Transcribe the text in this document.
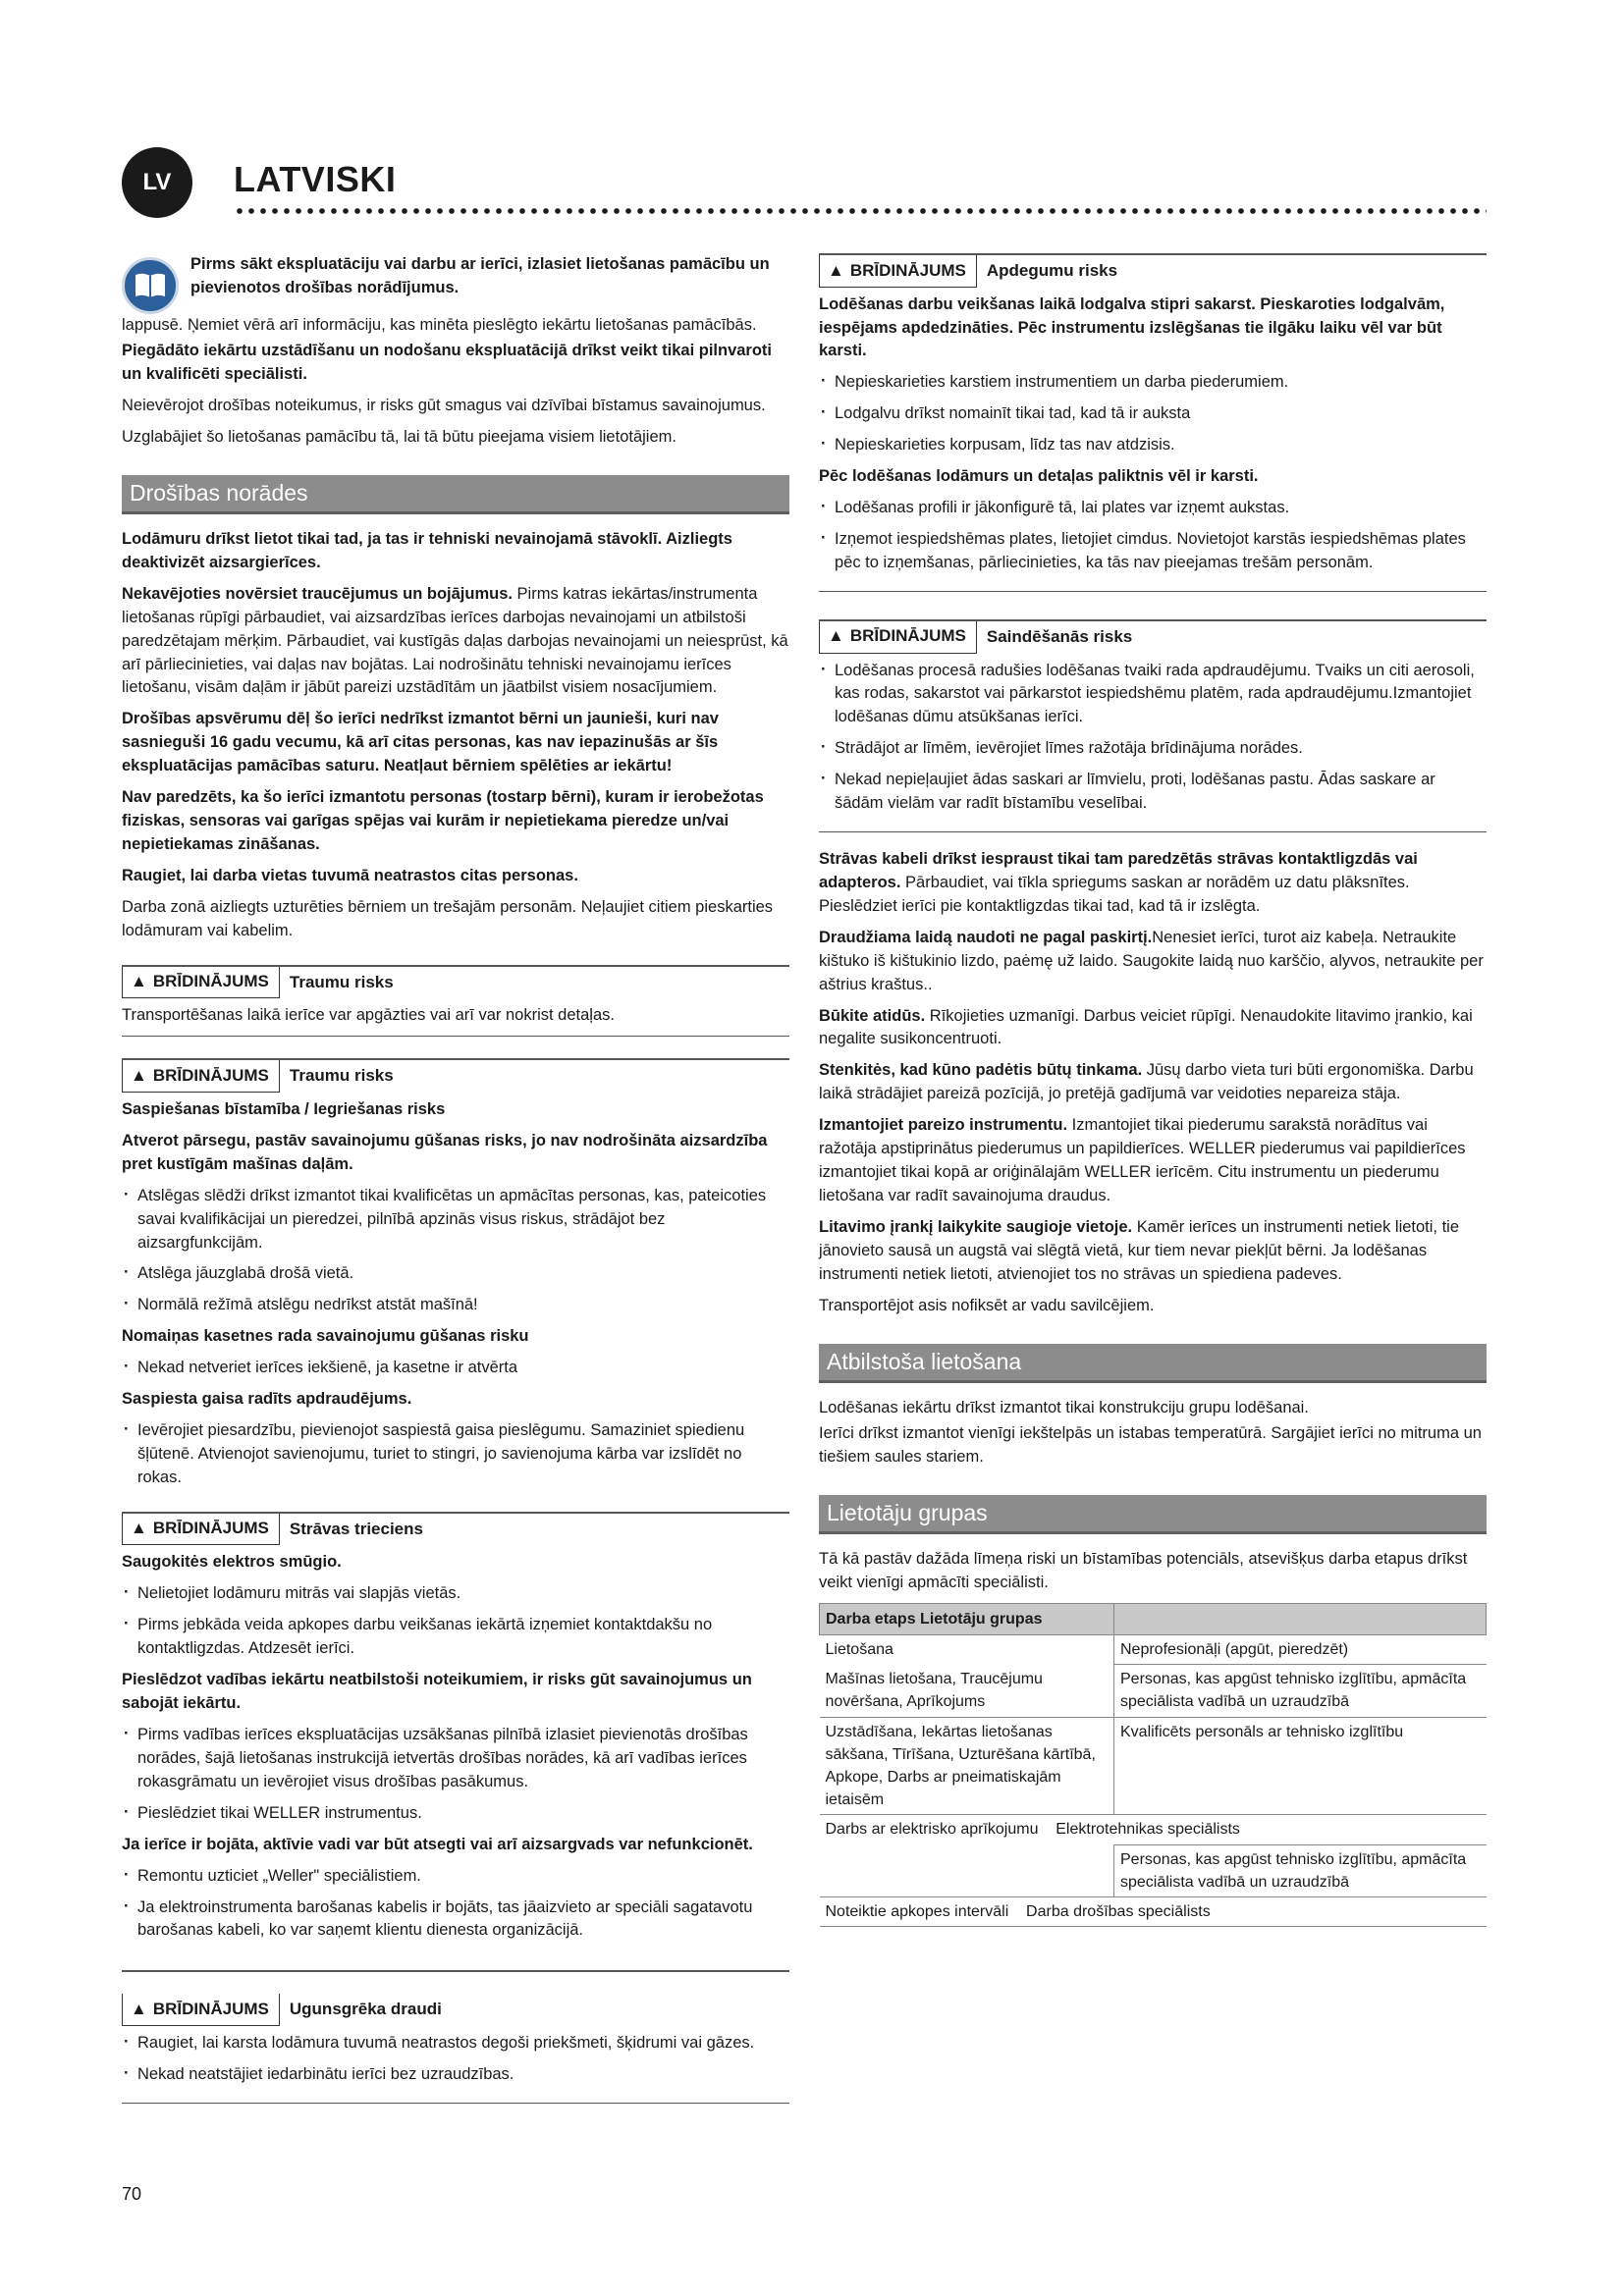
LV	LATVISKI

Pirms sākt ekspluatāciju vai darbu ar ierīci, izlasiet lietošanas pamācību un pievienotos drošības norādījumus.

lappusē. Ņemiet vērā arī informāciju, kas minēta pieslēgto iekārtu lietošanas pamācībās.

Piegādāto iekārtu uzstādīšanu un nodošanu ekspluatācijā drīkst veikt tikai pilnvaroti un kvalificēti speciālisti.

Neievērojot drošības noteikumus, ir risks gūt smagus vai dzīvībai bīstamus savainojumus.

Uzglabājiet šo lietošanas pamācību tā, lai tā būtu pieejama visiem lietotājiem.

Drošības norādes

Lodāmuru drīkst lietot tikai tad, ja tas ir tehniski nevainojamā stāvoklī. Aizliegts deaktivizēt aizsargierīces.

Nekavējoties novērsiet traucējumus un bojājumus. Pirms katras iekārtas/instrumenta lietošanas rūpīgi pārbaudiet, vai aizsardzības ierīces darbojas nevainojami un atbilstoši paredzētajam mērķim. Pārbaudiet, vai kustīgās daļas darbojas nevainojami un neiesprūst, kā arī pārliecinieties, vai daļas nav bojātas. Lai nodrošinātu tehniski nevainojamu ierīces lietošanu, visām daļām ir jābūt pareizi uzstādītām un jāatbilst visiem nosacījumiem.

Drošības apsvērumu dēļ šo ierīci nedrīkst izmantot bērni un jaunieši, kuri nav sasnieguši 16 gadu vecumu, kā arī citas personas, kas nav iepazinušās ar šīs ekspluatācijas pamācības saturu. Neatļaut bērniem spēlēties ar iekārtu!

Nav paredzēts, ka šo ierīci izmantotu personas (tostarp bērni), kuram ir ierobežotas fiziskas, sensoras vai garīgas spējas vai kurām ir nepietiekama pieredze un/vai nepietiekamas zināšanas.

Raugiet, lai darba vietas tuvumā neatrastos citas personas.

Darba zonā aizliegts uzturēties bērniem un trešajām personām. Neļaujiet citiem pieskarties lodāmuram vai kabelim.

▲ BRĪDINĀJUMS	Traumu risks
Transportēšanas laikā ierīce var apgāzties vai arī var nokrist detaļas.
▲ BRĪDINĀJUMS	Traumu risks

Saspiešanas bīstamība / Iegriešanas risks

Atverot pārsegu, pastāv savainojumu gūšanas risks, jo nav nodrošināta aizsardzība pret kustīgām mašīnas daļām.

· Atslēgas slēdži drīkst izmantot tikai kvalificētas un apmācītas personas, kas, pateicoties savai kvalifikācijai un pieredzei, pilnībā apzinās visus riskus, strādājot bez aizsargfunkcijām.
· Atslēga jāuzglabā drošā vietā.
· Normālā režīmā atslēgu nedrīkst atstāt mašīnā!

Nomaiņas kasetnes rada savainojumu gūšanas risku

· Nekad netveriet ierīces iekšienē, ja kasetne ir atvērta

Saspiesta gaisa radīts apdraudējums.

· Ievērojiet piesardzību, pievienojot saspiestā gaisa pieslēgumu. Samaziniet spiedienu šļūtenē. Atvienojot savienojumu, turiet to stingri, jo savienojuma kārba var izslīdēt no rokas.
▲ BRĪDINĀJUMS	Strāvas trieciens

Saugokitės elektros smūgio.

· Nelietojiet lodāmuru mitrās vai slapjās vietās.
· Pirms jebkāda veida apkopes darbu veikšanas iekārtā izņemiet kontaktdakšu no kontaktligzdas. Atdzesēt ierīci.

Pieslēdzot vadības iekārtu neatbilstoši noteikumiem, ir risks gūt savainojumus un sabojāt iekārtu.

· Pirms vadības ierīces ekspluatācijas uzsākšanas pilnībā izlasiet pievienotās drošības norādes, šajā lietošanas instrukcijā ietvertās drošības norādes, kā arī vadības ierīces rokasgrāmatu un ievērojiet visus drošības pasākumus.
· Pieslēdziet tikai WELLER instrumentus.

Ja ierīce ir bojāta, aktīvie vadi var būt atsegti vai arī aizsargvads var nefunkcionēt.

· Remontu uzticiet „Weller" speciālistiem.
· Ja elektroinstrumenta barošanas kabelis ir bojāts, tas jāaizvieto ar speciāli sagatavotu barošanas kabeli, ko var saņemt klientu dienesta organizācijā.
▲ BRĪDINĀJUMS	Ugunsgrēka draudi
· Raugiet, lai karsta lodāmura tuvumā neatrastos degoši priekšmeti, šķidrumi vai gāzes.
· Nekad neatstājiet iedarbinātu ierīci bez uzraudzības.
▲ BRĪDINĀJUMS	Apdegumu risks

Lodēšanas darbu veikšanas laikā lodgalva stipri sakarst. Pieskaroties lodgalvām, iespējams apdedzināties. Pēc instrumentu izslēgšanas tie ilgāku laiku vēl var būt karsti.

· Nepieskarieties karstiem instrumentiem un darba piederumiem.
· Lodgalvu drīkst nomainīt tikai tad, kad tā ir auksta
· Nepieskarieties korpusam, līdz tas nav atdzisis.

Pēc lodēšanas lodāmurs un detaļas paliktnis vēl ir karsti.

· Lodēšanas profili ir jākonfigurē tā, lai plates var izņemt aukstas.
· Izņemot iespiedshēmas plates, lietojiet cimdus. Novietojot karstās iespiedshēmas plates pēc to izņemšanas, pārliecinieties, ka tās nav pieejamas trešām personām.
▲ BRĪDINĀJUMS	Saindēšanās risks
· Lodēšanas procesā radušies lodēšanas tvaiki rada apdraudējumu. Tvaiks un citi aerosoli, kas rodas, sakarstot vai pārkarstot iespiedshēmu platēm, rada apdraudējumu.Izmantojiet lodēšanas dūmu atsūkšanas ierīci.
· Strādājot ar līmēm, ievērojiet līmes ražotāja brīdinājuma norādes.
· Nekad nepieļaujiet ādas saskari ar līmvielu, proti, lodēšanas pastu. Ādas saskare ar šādām vielām var radīt bīstamību veselībai.

Strāvas kabeli drīkst iespraust tikai tam paredzētās strāvas kontaktligzdās vai adapteros. Pārbaudiet, vai tīkla spriegums saskan ar norādēm uz datu plāksnītes. Pieslēdziet ierīci pie kontaktligzdas tikai tad, kad tā ir izslēgta.

Draudžiama laidą naudoti ne pagal paskirtį.Nenesiet ierīci, turot aiz kabeļa. Netraukite kištuko iš kištukinio lizdo, paėmę už laido. Saugokite laidą nuo karščio, alyvos, netraukite per aštrius kraštus..

Būkite atidūs. Rīkojieties uzmanīgi. Darbus veiciet rūpīgi. Nenaudokite litavimo įrankio, kai negalite susikoncentruoti.

Stenkitės, kad kūno padėtis būtų tinkama. Jūsų darbo vieta turi būti ergonomiška. Darbu laikā strādājiet pareizā pozīcijā, jo pretējā gadījumā var veidoties nepareiza stāja.

Izmantojiet pareizo instrumentu. Izmantojiet tikai piederumu sarakstā norādītus vai ražotāja apstiprinātus piederumus un papildierīces. WELLER piederumus vai papildierīces izmantojiet tikai kopā ar oriģinālajām WELLER ierīcēm. Citu instrumentu un piederumu lietošana var radīt savainojuma draudus.

Litavimo įrankį laikykite saugioje vietoje. Kamēr ierīces un instrumenti netiek lietoti, tie jānovieto sausā un augstā vai slēgtā vietā, kur tiem nevar piekļūt bērni. Ja lodēšanas instrumenti netiek lietoti, atvienojiet tos no strāvas un spiediena padeves.

Transportējot asis nofiksēt ar vadu savilcējiem.

Atbilstoša lietošana

Lodēšanas iekārtu drīkst izmantot tikai konstrukciju grupu lodēšanai.

Ierīci drīkst izmantot vienīgi iekštelpās un istabas temperatūrā. Sargājiet ierīci no mitruma un tiešiem saules stariem.

Lietotāju grupas

Tā kā pastāv dažāda līmeņa riski un bīstamības potenciāls, atsevišķus darba etapus drīkst veikt vienīgi apmācīti speciālisti.

Darba etaps Lietotāju grupas	
Lietošana	Neprofesionāļi (apgūt, pieredzēt)
Mašīnas lietošana, Traucējumu novēršana, Aprīkojums	Personas, kas apgūst tehnisko izglītību, apmācīta speciālista vadībā un uzraudzībā
Uzstādīšana, Iekārtas lietošanas sākšana, Tīrīšana, Uzturēšana kārtībā, Apkope, Darbs ar pneimatiskajām ietaisēm	Kvalificēts personāls ar tehnisko izglītību
Darbs ar elektrisko aprīkojumu    Elektrotehnikas speciālists	
	Personas, kas apgūst tehnisko izglītību, apmācīta speciālista vadībā un uzraudzībā
Noteiktie apkopes intervāli    Darba drošības speciālists	
70
